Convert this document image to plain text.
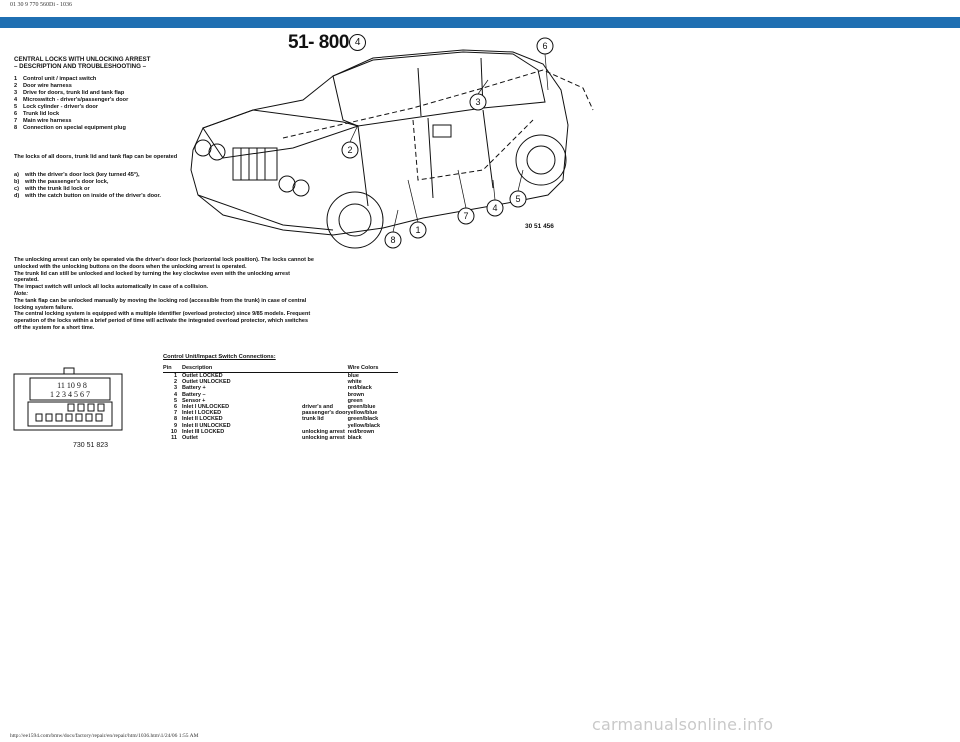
01 30 9 770 560Di - 1036
51- 800 4
CENTRAL LOCKS WITH UNLOCKING ARREST
– DESCRIPTION AND TROUBLESHOOTING –
1 Control unit / impact switch
2 Door wire harness
3 Drive for doors, trunk lid and tank flap
4 Microswitch - driver's/passenger's door
5 Lock cylinder - driver's door
6 Trunk lid lock
7 Main wire harness
8 Connection on special equipment plug
The locks of all doors, trunk lid and tank flap can be operated
a)	with the driver's door lock (key turned 45°),
b)	with the passenger's door lock,
c)	with the trunk lid lock or
d)	with the catch button on inside of the driver's door.
1
2
3
4
5
6
7
8
30 51 456
The unlocking arrest can only be operated via the driver's door lock (horizontal lock position). The locks cannot be unlocked with the unlocking buttons on the doors when the unlocking arrest is operated.
The trunk lid can still be unlocked and locked by turning the key clockwise even with the unlocking arrest operated.
The impact switch will unlock all locks automatically in case of a collision.
Note:
The tank flap can be unlocked manually by moving the locking rod (accessible from the trunk) in case of central locking system failure.
The central locking system is equipped with a multiple identifier (overload protector) since 9/85 models. Frequent operation of the locks within a brief period of time will activate the integrated overload protector, which switches off the system for a short time.
11 10 9 8
1 2 3 4 5 6 7
730 51 823
Control Unit/Impact Switch Connections:
Pin	Description		Wire Colors
1	Outlet LOCKED		blue
2	Outlet UNLOCKED		white
3	Battery +		red/black
4	Battery –		brown
5	Sensor +		green
6	Inlet I UNLOCKED	driver's and	green/blue
7	Inlet I LOCKED	passenger's door	yellow/blue
8	Inlet II LOCKED	trunk lid	green/black
9	Inlet II UNLOCKED		yellow/black
10	Inlet III LOCKED	unlocking arrest	red/brown
11	Outlet	unlocking arrest	black
http://ee1594.com/bmw/docs/factory/repair/en/repair/htm/1036.htm\1/24/06 1:55 AM
carmanualsonline.info
